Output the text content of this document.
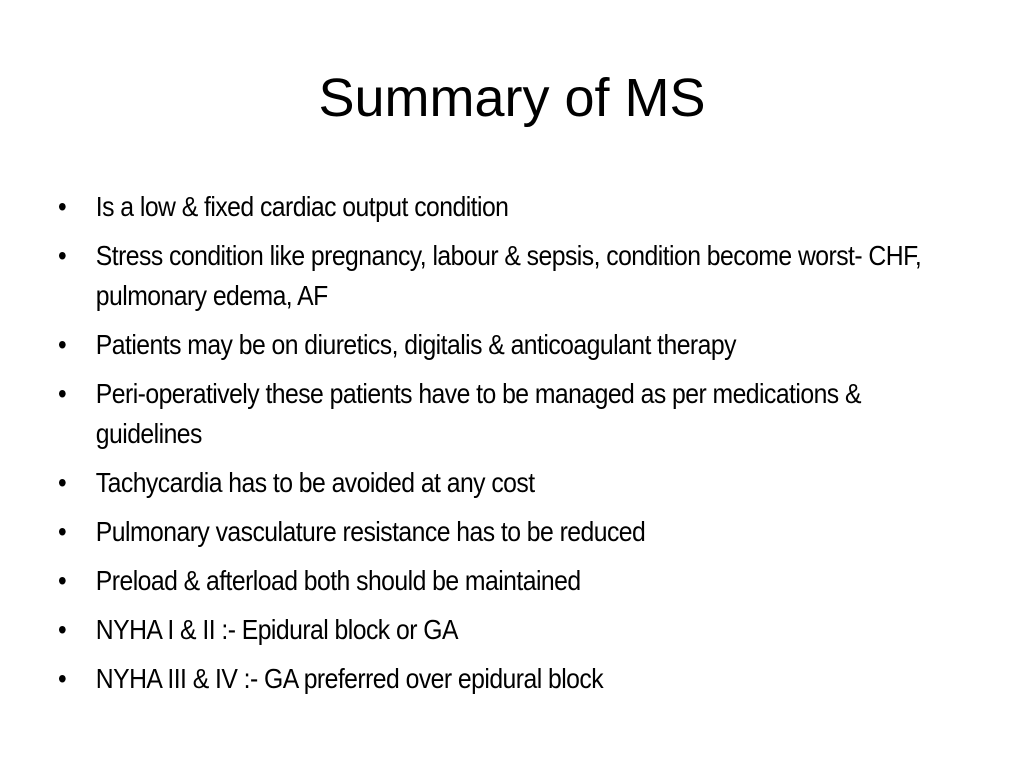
Summary of MS
•	Is a low & fixed cardiac output condition
•	Stress condition like pregnancy, labour & sepsis, condition become worst- CHF, pulmonary edema, AF
•	Patients may be on diuretics, digitalis & anticoagulant therapy
•	Peri-operatively these patients have to be managed as per medications & guidelines
•	Tachycardia has to be avoided at any cost
•	Pulmonary vasculature resistance has to be reduced
•	Preload & afterload both should be maintained
•	NYHA I & II :- Epidural block or GA
•	NYHA III & IV :- GA preferred over epidural block
